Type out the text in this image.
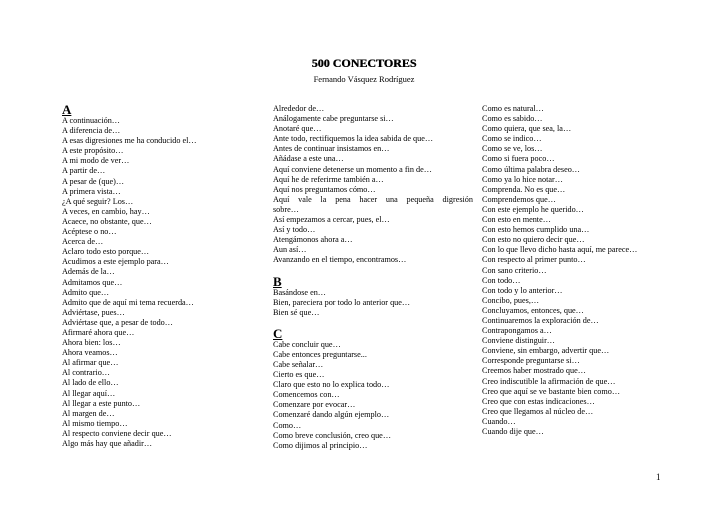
500 CONECTORES
Fernando Vásquez Rodríguez
A
A continuación…
A diferencia de…
A esas digresiones me ha conducido el…
A este propósito…
A mi modo de ver…
A partir de…
A pesar de (que)…
A primera vista…
¿A qué seguir? Los…
A veces, en cambio, hay…
Acaece, no obstante, que…
Acéptese o no…
Acerca de…
Aclaro todo esto porque…
Acudimos a este ejemplo para…
Además de la…
Admitamos que…
Admito que…
Admito que de aquí mi tema recuerda…
Adviértase, pues…
Adviértase que, a pesar de todo…
Afirmaré ahora que…
Ahora bien: los…
Ahora veamos…
Al afirmar que…
Al contrario…
Al lado de ello…
Al llegar aquí…
Al llegar a este punto…
Al margen de…
Al mismo tiempo…
Al respecto conviene decir que…
Algo más hay que añadir…
Alrededor de…
Análogamente cabe preguntarse si…
Anotaré que…
Ante todo, rectifiquemos la idea sabida de que…
Antes de continuar insistamos en…
Añádase a este una…
Aquí conviene detenerse un momento a fin de…
Aquí he de referirme también a…
Aquí nos preguntamos cómo…
Aquí vale la pena hacer una pequeña digresión
sobre…
Así empezamos a cercar, pues, el…
Así y todo…
Atengámonos ahora a…
Aun así…
Avanzando en el tiempo, encontramos…
B
Basándose en…
Bien, pareciera por todo lo anterior que…
Bien sé que…
C
Cabe concluir que…
Cabe entonces preguntarse...
Cabe señalar…
Cierto es que…
Claro que esto no lo explica todo…
Comencemos con…
Comenzare por evocar…
Comenzaré dando algún ejemplo…
Como…
Como breve conclusión, creo que…
Como dijimos al principio…
Como es natural…
Como es sabido…
Como quiera, que sea, la…
Como se indico…
Como se ve, los…
Como si fuera poco…
Como última palabra deseo…
Como ya lo hice notar…
Comprenda. No es que…
Comprendemos que…
Con este ejemplo he querido…
Con esto en mente…
Con esto hemos cumplido una…
Con esto no quiero decir que…
Con lo que llevo dicho hasta aquí, me parece…
Con respecto al primer punto…
Con sano criterio…
Con todo…
Con todo y lo anterior…
Concibo, pues,…
Concluyamos, entonces, que…
Continuaremos la exploración de…
Contrapongamos a…
Conviene distinguir…
Conviene, sin embargo, advertir que…
Corresponde preguntarse si…
Creemos haber mostrado que…
Creo indiscutible la afirmación de que…
Creo que aquí se ve bastante bien como…
Creo que con estas indicaciones…
Creo que llegamos al núcleo de…
Cuando…
Cuando dije que…
1
